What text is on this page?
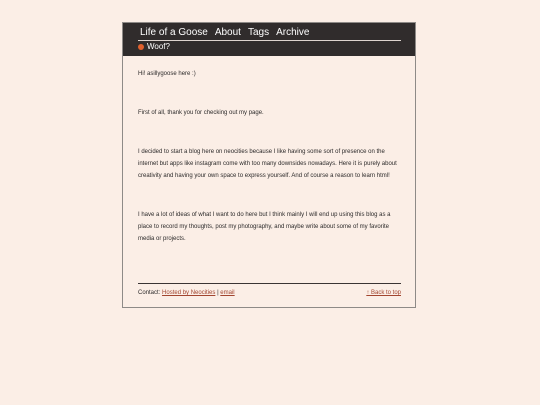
Life of a Goose About Tags Archive
Woof?

Hi! asillygoose here :)

First of all, thank you for checking out my page.

I decided to start a blog here on neocities because I like having some sort of presence on the internet but apps like instagram come with too many downsides nowadays. Here it is purely about creativity and having your own space to express yourself. And of course a reason to learn html!

I have a lot of ideas of what I want to do here but I think mainly I will end up using this blog as a place to record my thoughts, post my photography, and maybe write about some of my favorite media or projects.

Contact: Hosted by Neocities | email	↑ Back to top
